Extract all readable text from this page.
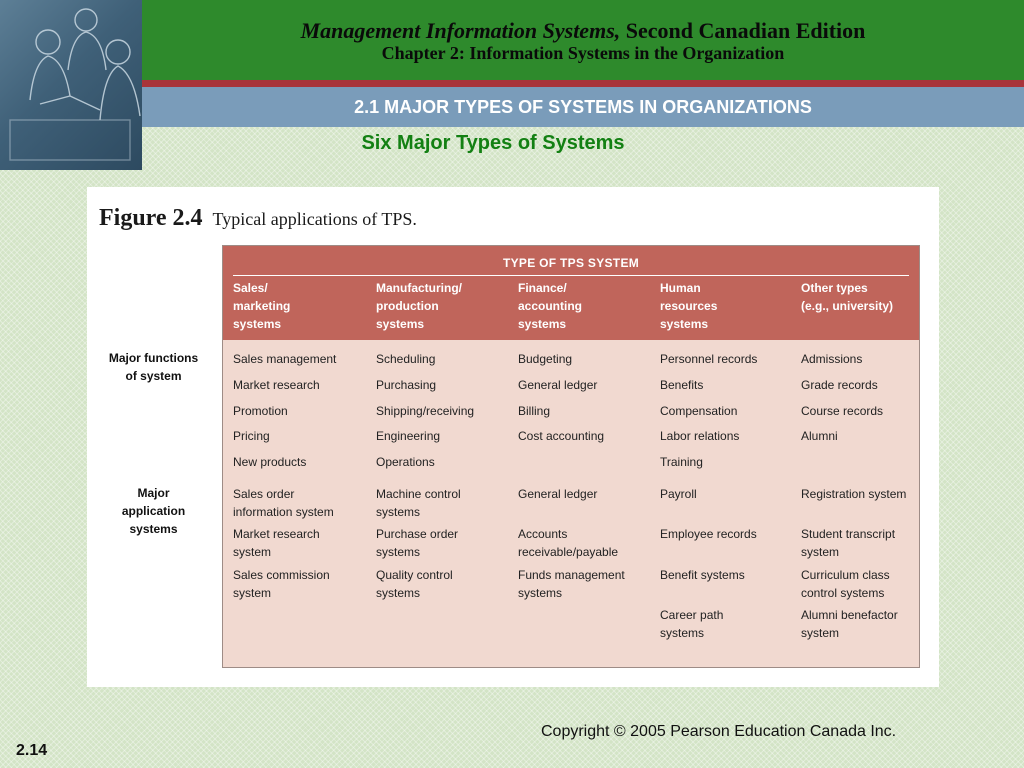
Management Information Systems, Second Canadian Edition
Chapter 2: Information Systems in the Organization
2.1 MAJOR TYPES OF SYSTEMS IN ORGANIZATIONS
Six Major Types of Systems
Figure 2.4 Typical applications of TPS.
Major functions
of system
Major
application
systems
TYPE OF TPS SYSTEM
Sales/
marketing
systems
Manufacturing/
production
systems
Finance/
accounting
systems
Human
resources
systems
Other types
(e.g., university)
Sales management
Market research
Promotion
Pricing
New products
Scheduling
Purchasing
Shipping/receiving
Engineering
Operations
Budgeting
General ledger
Billing
Cost accounting
Personnel records
Benefits
Compensation
Labor relations
Training
Admissions
Grade records
Course records
Alumni
Sales order
information system
Market research
system
Sales commission
system
Machine control
systems
Purchase order
systems
Quality control
systems
General ledger
Accounts
receivable/payable
Funds management
systems
Payroll
Employee records
Benefit systems
Career path
systems
Registration system
Student transcript
system
Curriculum class
control systems
Alumni benefactor
system
Copyright © 2005 Pearson Education Canada Inc.
2.14
